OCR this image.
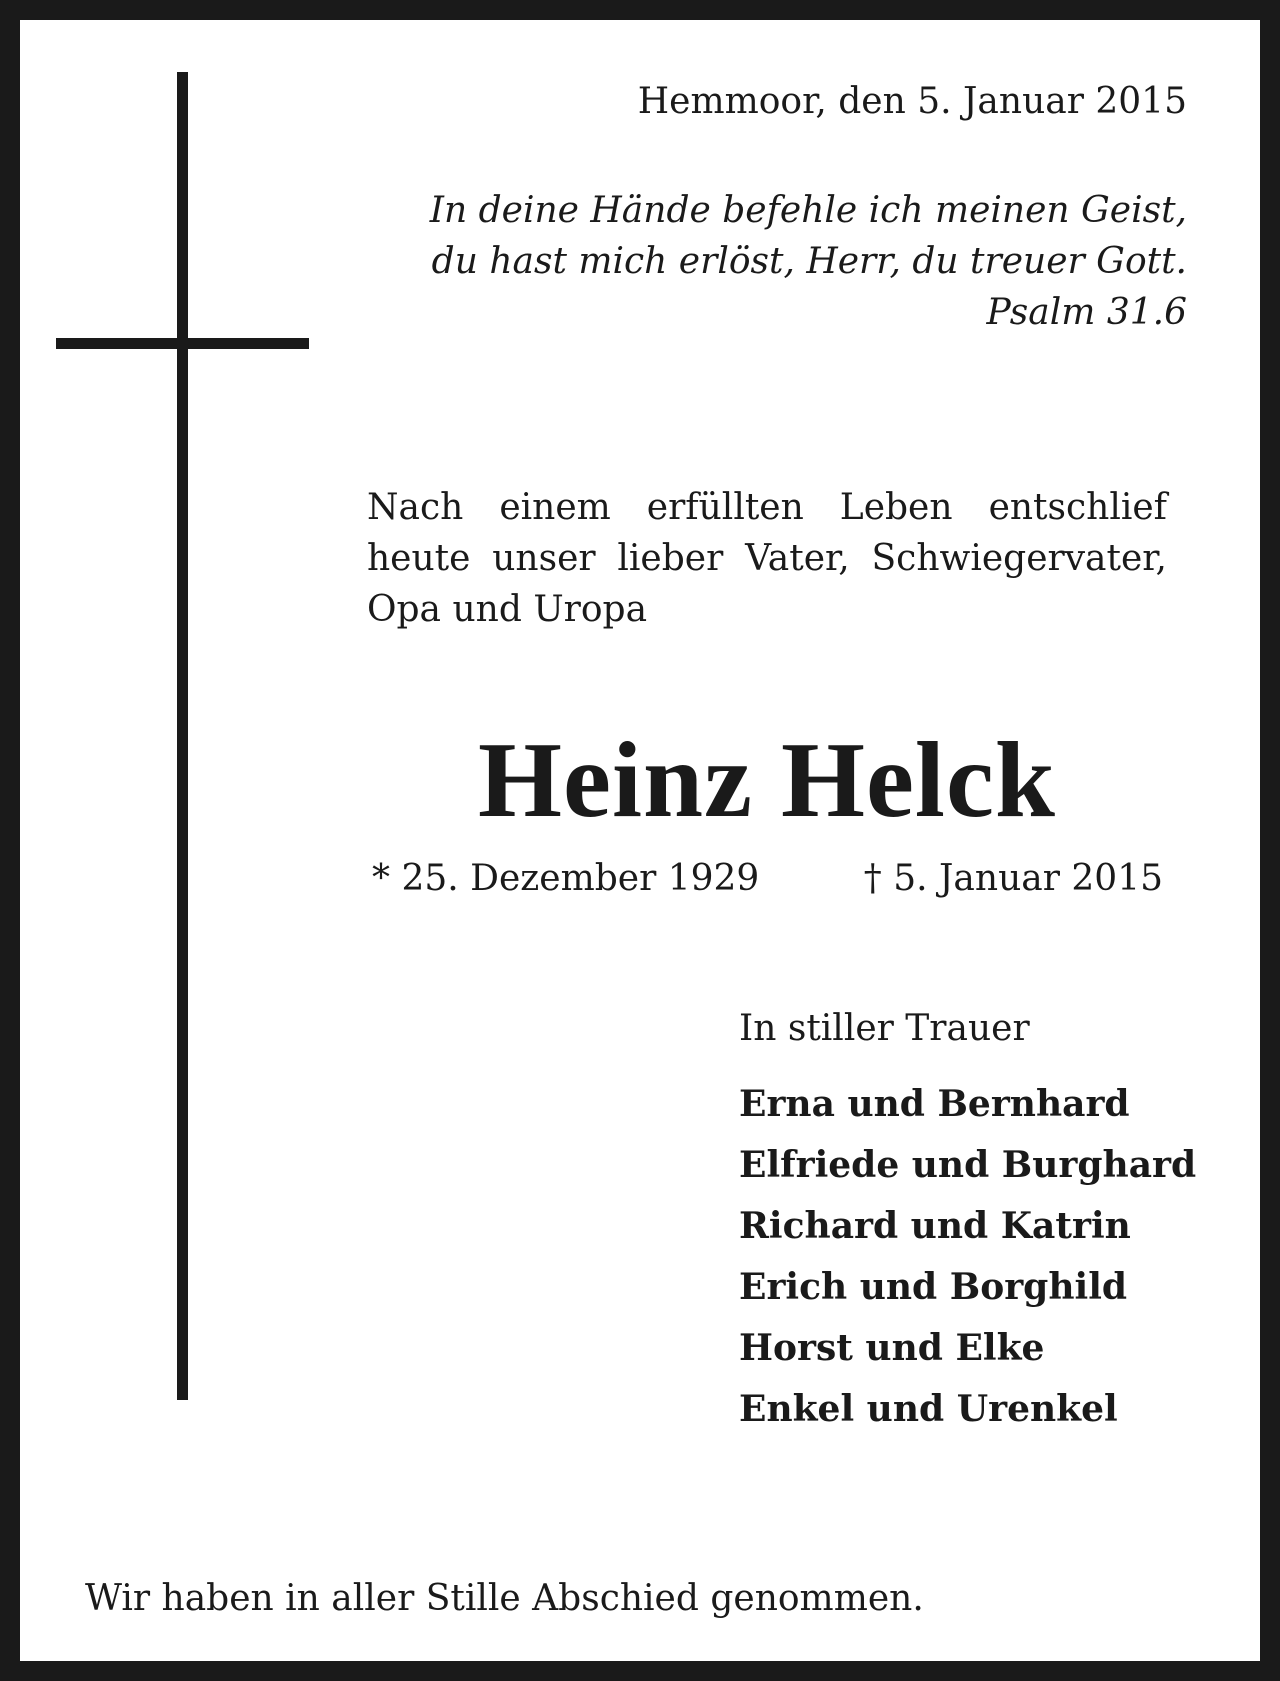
Hemmoor, den 5. Januar 2015
In deine Hände befehle ich meinen Geist,
du hast mich erlöst, Herr, du treuer Gott.
Psalm 31.6
Nach einem erfüllten Leben entschlief
heute unser lieber Vater, Schwiegervater,
Opa und Uropa
Heinz Helck
* 25. Dezember 1929	† 5. Januar 2015
In stiller Trauer
Erna und Bernhard
Elfriede und Burghard
Richard und Katrin
Erich und Borghild
Horst und Elke
Enkel und Urenkel
Wir haben in aller Stille Abschied genommen.
